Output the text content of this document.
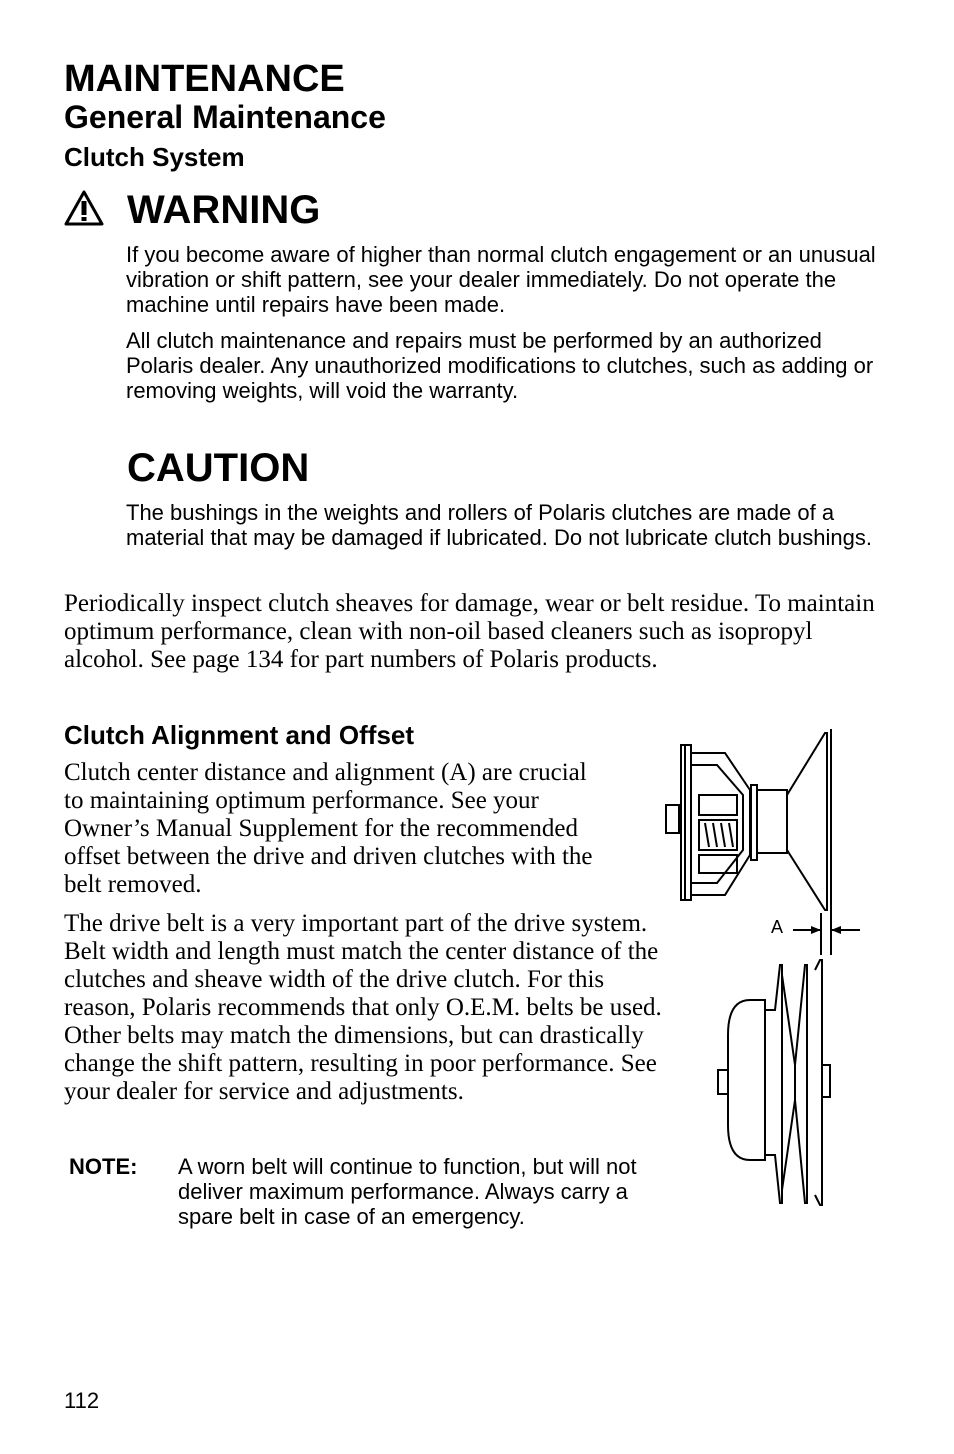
MAINTENANCE
General Maintenance
Clutch System
WARNING

If you become aware of higher than normal clutch engagement or an unusual vibration or shift pattern, see your dealer immediately. Do not operate the machine until repairs have been made.

All clutch maintenance and repairs must be performed by an authorized Polaris dealer. Any unauthorized modifications to clutches, such as adding or removing weights, will void the warranty.

CAUTION

The bushings in the weights and rollers of Polaris clutches are made of a material that may be damaged if lubricated. Do not lubricate clutch bushings.

Periodically inspect clutch sheaves for damage, wear or belt residue. To maintain optimum performance, clean with non-oil based cleaners such as isopropyl alcohol. See page 134 for part numbers of Polaris products.

Clutch Alignment and Offset

Clutch center distance and alignment (A) are crucial to maintaining optimum performance. See your Owner’s Manual Supplement for the recommended offset between the drive and driven clutches with the belt removed.

The drive belt is a very important part of the drive system. Belt width and length must match the center distance of the clutches and sheave width of the drive clutch. For this reason, Polaris recommends that only O.E.M. belts be used. Other belts may match the dimensions, but can drastically change the shift pattern, resulting in poor performance. See your dealer for service and adjustments.

NOTE: A worn belt will continue to function, but will not deliver maximum performance. Always carry a spare belt in case of an emergency.

A
112
